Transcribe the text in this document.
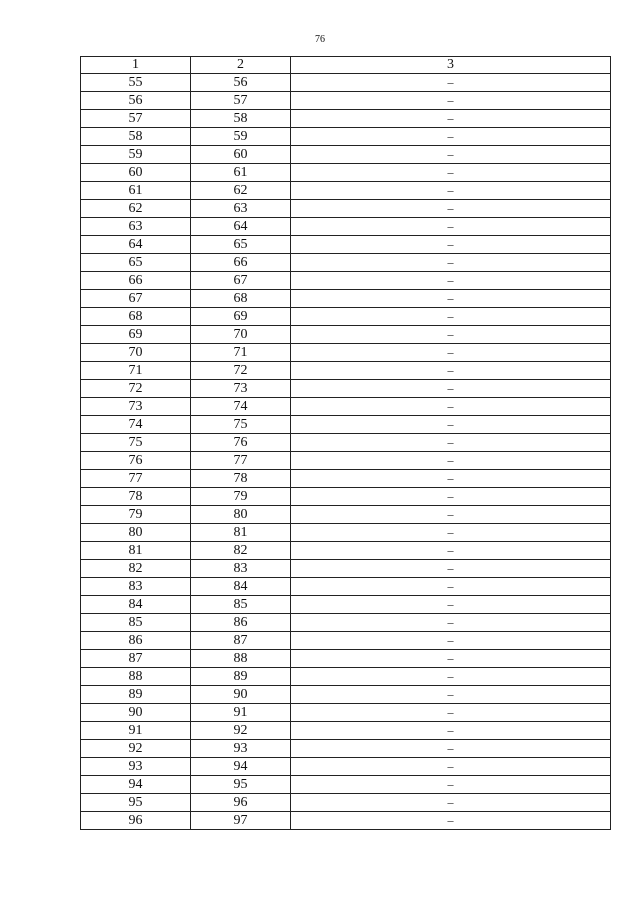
76
1	2	3
55	56	–
56	57	–
57	58	–
58	59	–
59	60	–
60	61	–
61	62	–
62	63	–
63	64	–
64	65	–
65	66	–
66	67	–
67	68	–
68	69	–
69	70	–
70	71	–
71	72	–
72	73	–
73	74	–
74	75	–
75	76	–
76	77	–
77	78	–
78	79	–
79	80	–
80	81	–
81	82	–
82	83	–
83	84	–
84	85	–
85	86	–
86	87	–
87	88	–
88	89	–
89	90	–
90	91	–
91	92	–
92	93	–
93	94	–
94	95	–
95	96	–
96	97	–
